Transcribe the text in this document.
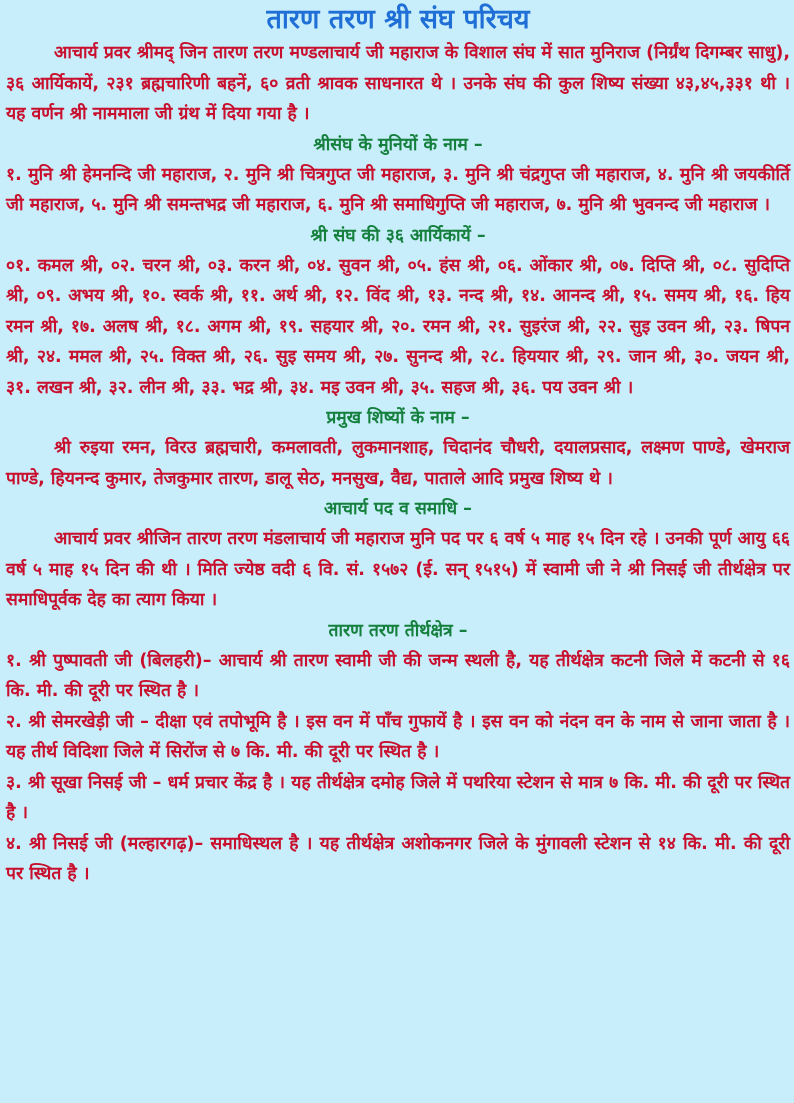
तारण तरण श्री संघ परिचय

आचार्य प्रवर श्रीमद् जिन तारण तरण मण्डलाचार्य जी महाराज के विशाल संघ में सात मुनिराज (निर्ग्रंथ दिगम्बर साधु), ३६ आर्यिकायें, २३१ ब्रह्मचारिणी बहनें, ६० व्रती श्रावक साधनारत थे । उनके संघ की कुल शिष्य संख्या ४३,४५,३३१ थी । यह वर्णन श्री नाममाला जी ग्रंथ में दिया गया है ।

श्रीसंघ के मुनियों के नाम –

१. मुनि श्री हेमनन्दि जी महाराज, २. मुनि श्री चित्रगुप्त जी महाराज, ३. मुनि श्री चंद्रगुप्त जी महाराज, ४. मुनि श्री जयकीर्ति जी महाराज, ५. मुनि श्री समन्तभद्र जी महाराज, ६. मुनि श्री समाधिगुप्ति जी महाराज, ७. मुनि श्री भुवनन्द जी महाराज ।

श्री संघ की ३६ आर्यिकायें –

०१. कमल श्री, ०२. चरन श्री, ०३. करन श्री, ०४. सुवन श्री, ०५. हंस श्री, ०६. ओंकार श्री, ०७. दिप्ति श्री, ०८. सुदिप्ति श्री, ०९. अभय श्री, १०. स्वर्क श्री, ११. अर्थ श्री, १२. विंद श्री, १३. नन्द श्री, १४. आनन्द श्री, १५. समय श्री, १६. हिय रमन श्री, १७. अलष श्री, १८. अगम श्री, १९. सहयार श्री, २०. रमन श्री, २१. सुइरंज श्री, २२. सुइ उवन श्री, २३. षिपन श्री, २४. ममल श्री, २५. विक्त श्री, २६. सुइ समय श्री, २७. सुनन्द श्री, २८. हिययार श्री, २९. जान श्री, ३०. जयन श्री, ३१. लखन श्री, ३२. लीन श्री, ३३. भद्र श्री, ३४. मइ उवन श्री, ३५. सहज श्री, ३६. पय उवन श्री ।

प्रमुख शिष्यों के नाम –

श्री रुइया रमन, विरउ ब्रह्मचारी, कमलावती, लुकमानशाह, चिदानंद चौधरी, दयालप्रसाद, लक्ष्मण पाण्डे, खेमराज पाण्डे, हियनन्द कुमार, तेजकुमार तारण, डालू सेठ, मनसुख, वैद्य, पाताले आदि प्रमुख शिष्य थे ।

आचार्य पद व समाधि –

आचार्य प्रवर श्रीजिन तारण तरण मंडलाचार्य जी महाराज मुनि पद पर ६ वर्ष ५ माह १५ दिन रहे । उनकी पूर्ण आयु ६६ वर्ष ५ माह १५ दिन की थी । मिति ज्येष्ठ वदी ६ वि. सं. १५७२ (ई. सन् १५१५) में स्वामी जी ने श्री निसई जी तीर्थक्षेत्र पर समाधिपूर्वक देह का त्याग किया ।

तारण तरण तीर्थक्षेत्र –

१. श्री पुष्पावती जी (बिलहरी)– आचार्य श्री तारण स्वामी जी की जन्म स्थली है, यह तीर्थक्षेत्र कटनी जिले में कटनी से १६ कि. मी. की दूरी पर स्थित है ।

२. श्री सेमरखेड़ी जी – दीक्षा एवं तपोभूमि है । इस वन में पाँच गुफायें है । इस वन को नंदन वन के नाम से जाना जाता है । यह तीर्थ विदिशा जिले में सिरोंज से ७ कि. मी. की दूरी पर स्थित है ।

३. श्री सूखा निसई जी – धर्म प्रचार केंद्र है । यह तीर्थक्षेत्र दमोह जिले में पथरिया स्टेशन से मात्र ७ कि. मी. की दूरी पर स्थित है ।

४. श्री निसई जी (मल्हारगढ़)– समाधिस्थल है । यह तीर्थक्षेत्र अशोकनगर जिले के मुंगावली स्टेशन से १४ कि. मी. की दूरी पर स्थित है ।
